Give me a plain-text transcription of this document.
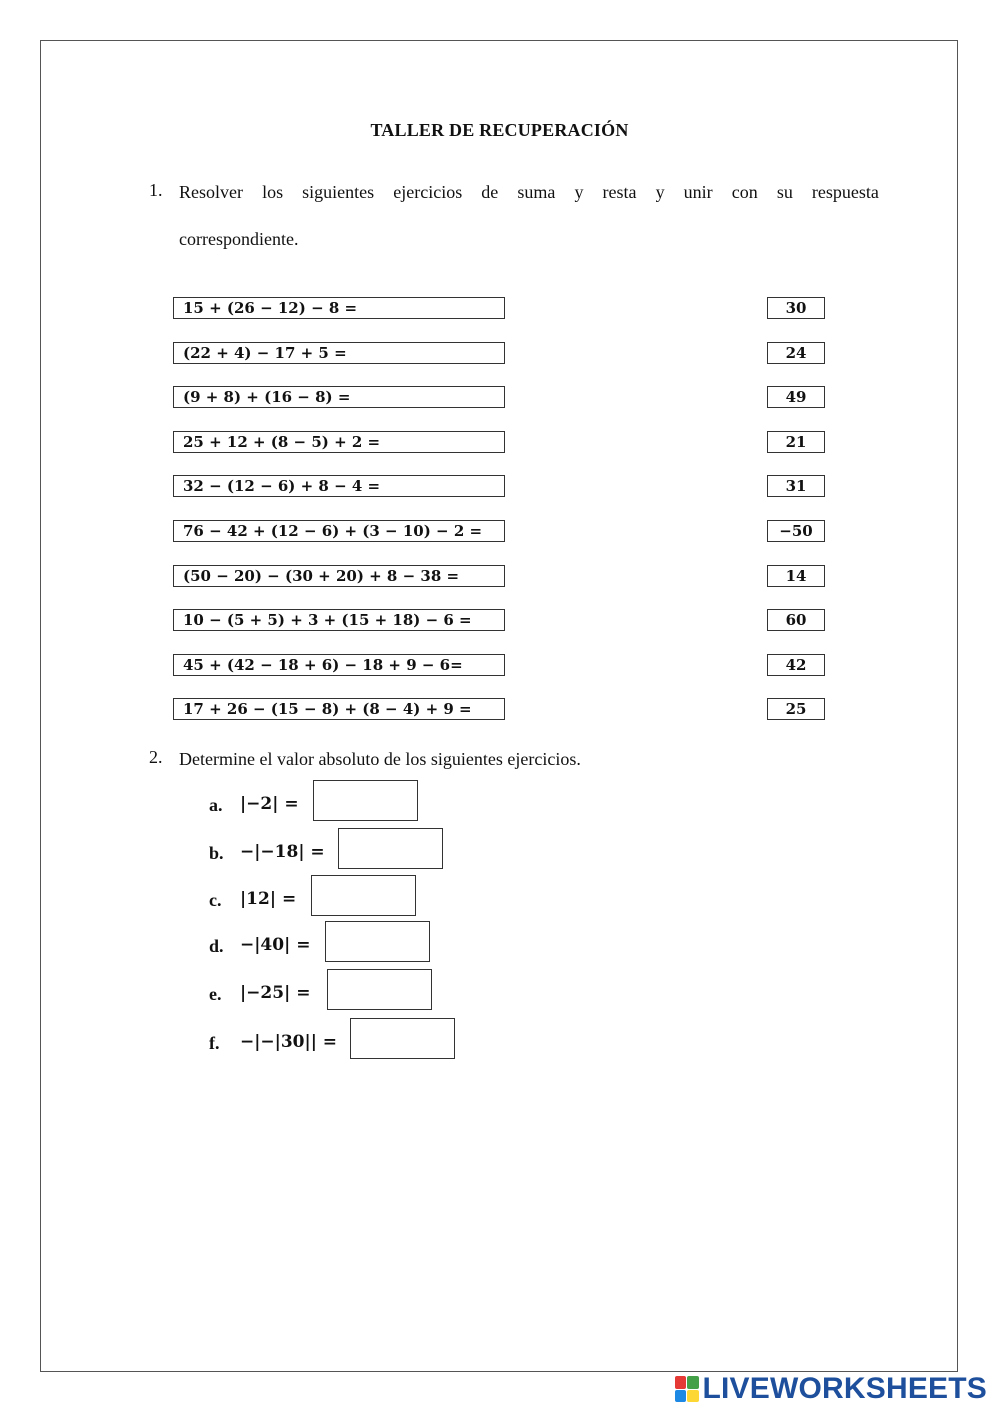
TALLER DE RECUPERACIÓN
1. Resolver los siguientes ejercicios de suma y resta y unir con su respuesta
correspondiente.
15 + (26 − 12) − 8 =	30
(22 + 4) − 17 + 5 =	24
(9 + 8) + (16 − 8) =	49
25 + 12 + (8 − 5) + 2 =	21
32 − (12 − 6) + 8 − 4 =	31
76 − 42 + (12 − 6) + (3 − 10) − 2 =	−50
(50 − 20) − (30 + 20) + 8 − 38 =	14
10 − (5 + 5) + 3 + (15 + 18) − 6 =	60
45 + (42 − 18 + 6) − 18 + 9 − 6=	42
17 + 26 − (15 − 8) + (8 − 4) + 9 =	25
2. Determine el valor absoluto de los siguientes ejercicios.
a. |−2| =
b. −|−18| =
c. |12| =
d. −|40| =
e. |−25| =
f. −|−|30|| =
LIVEWORKSHEETS
